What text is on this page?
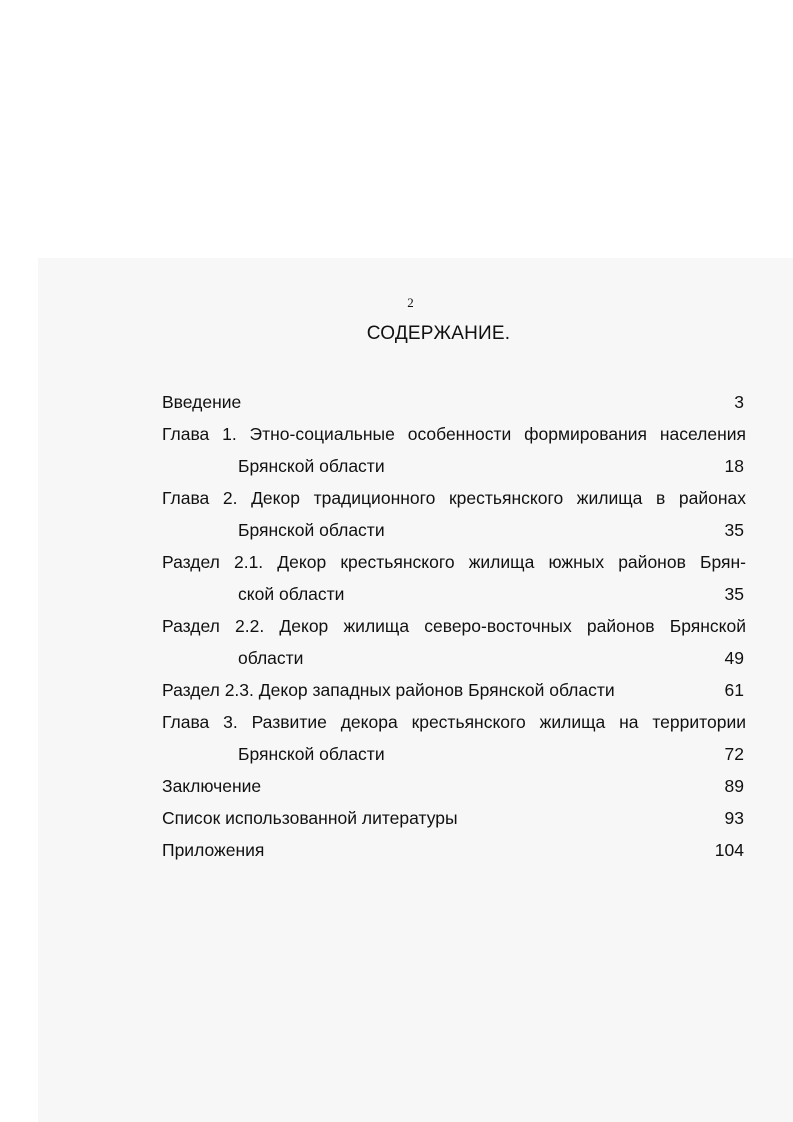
2
СОДЕРЖАНИЕ.
Введение	3
Глава 1. Этно-социальные особенности формирования населения
Брянской области	18
Глава 2. Декор традиционного крестьянского жилища в районах
Брянской области	35
Раздел 2.1. Декор крестьянского жилища южных районов Брян-
ской области	35
Раздел 2.2. Декор жилища северо-восточных районов Брянской
области	49
Раздел 2.3. Декор западных районов Брянской области	61
Глава 3. Развитие декора крестьянского жилища на территории
Брянской области	72
Заключение	89
Список использованной литературы	93
Приложения	104
